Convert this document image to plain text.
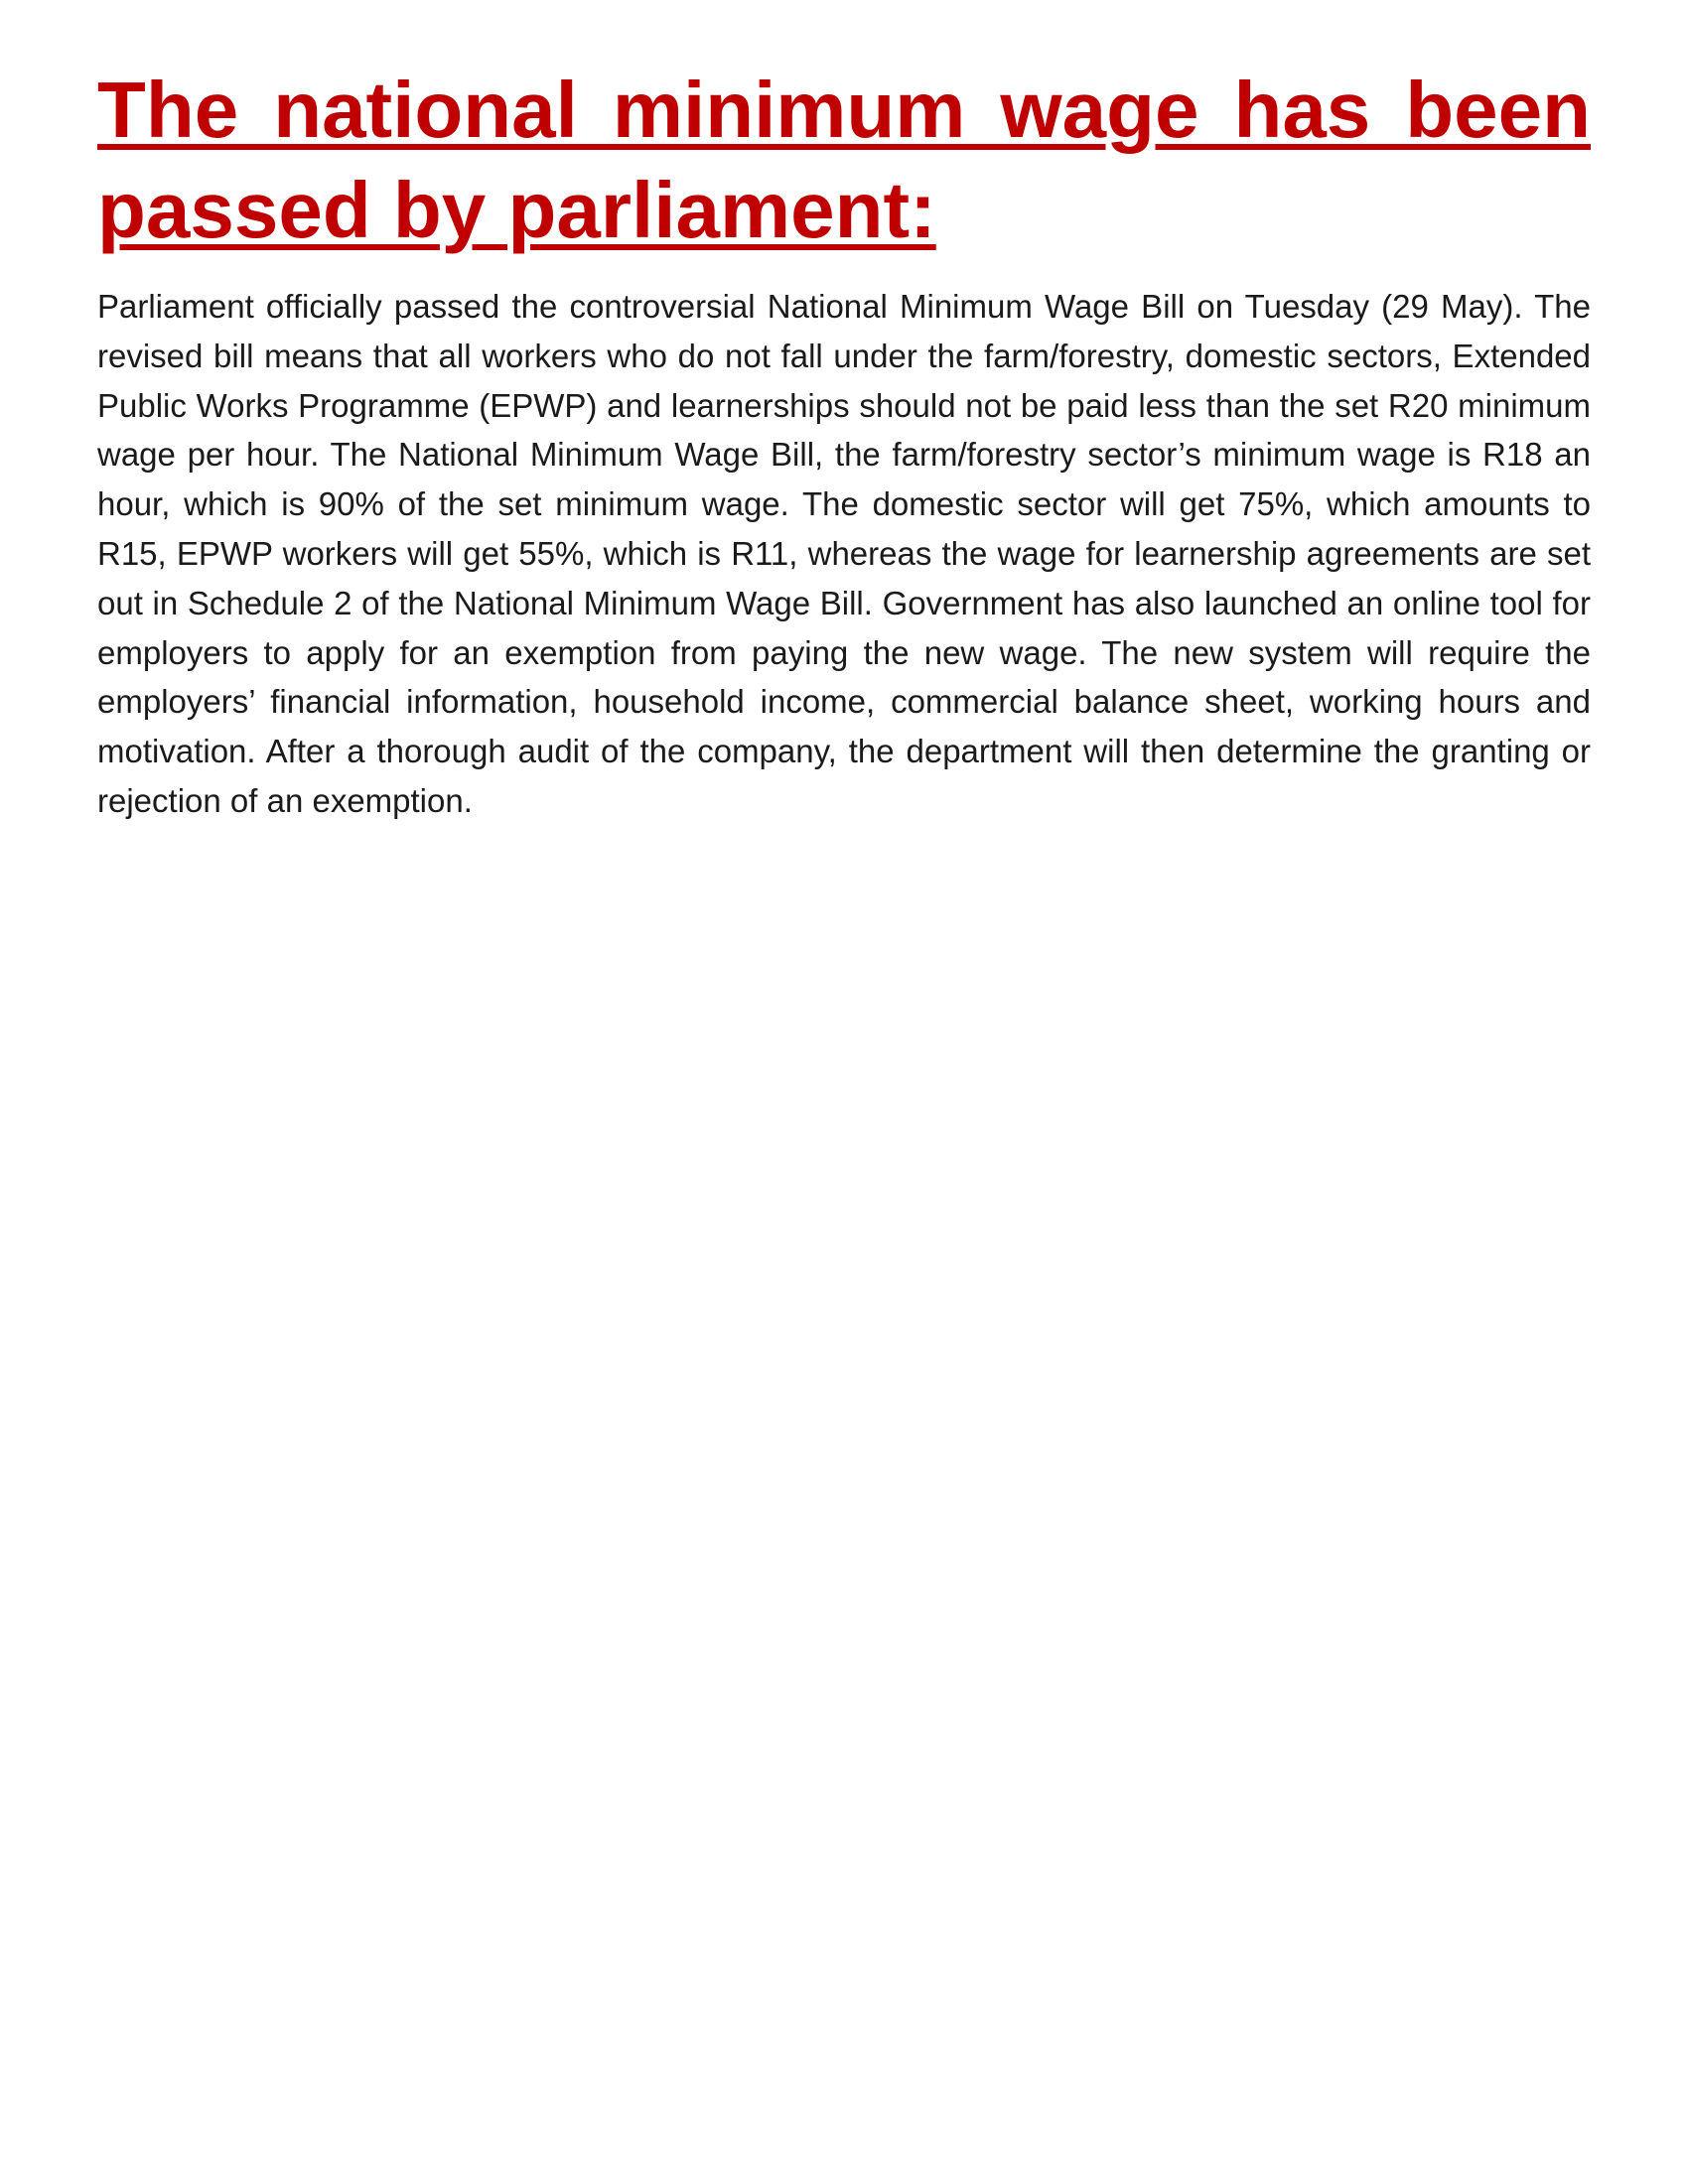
The national minimum wage has been passed by parliament:

Parliament officially passed the controversial National Minimum Wage Bill on Tuesday (29 May). The revised bill means that all workers who do not fall under the farm/forestry, domestic sectors, Extended Public Works Programme (EPWP) and learnerships should not be paid less than the set R20 minimum wage per hour. The National Minimum Wage Bill, the farm/forestry sector’s minimum wage is R18 an hour, which is 90% of the set minimum wage. The domestic sector will get 75%, which amounts to R15, EPWP workers will get 55%, which is R11, whereas the wage for learnership agreements are set out in Schedule 2 of the National Minimum Wage Bill. Government has also launched an online tool for employers to apply for an exemption from paying the new wage. The new system will require the employers’ financial information, household income, commercial balance sheet, working hours and motivation. After a thorough audit of the company, the department will then determine the granting or rejection of an exemption.
